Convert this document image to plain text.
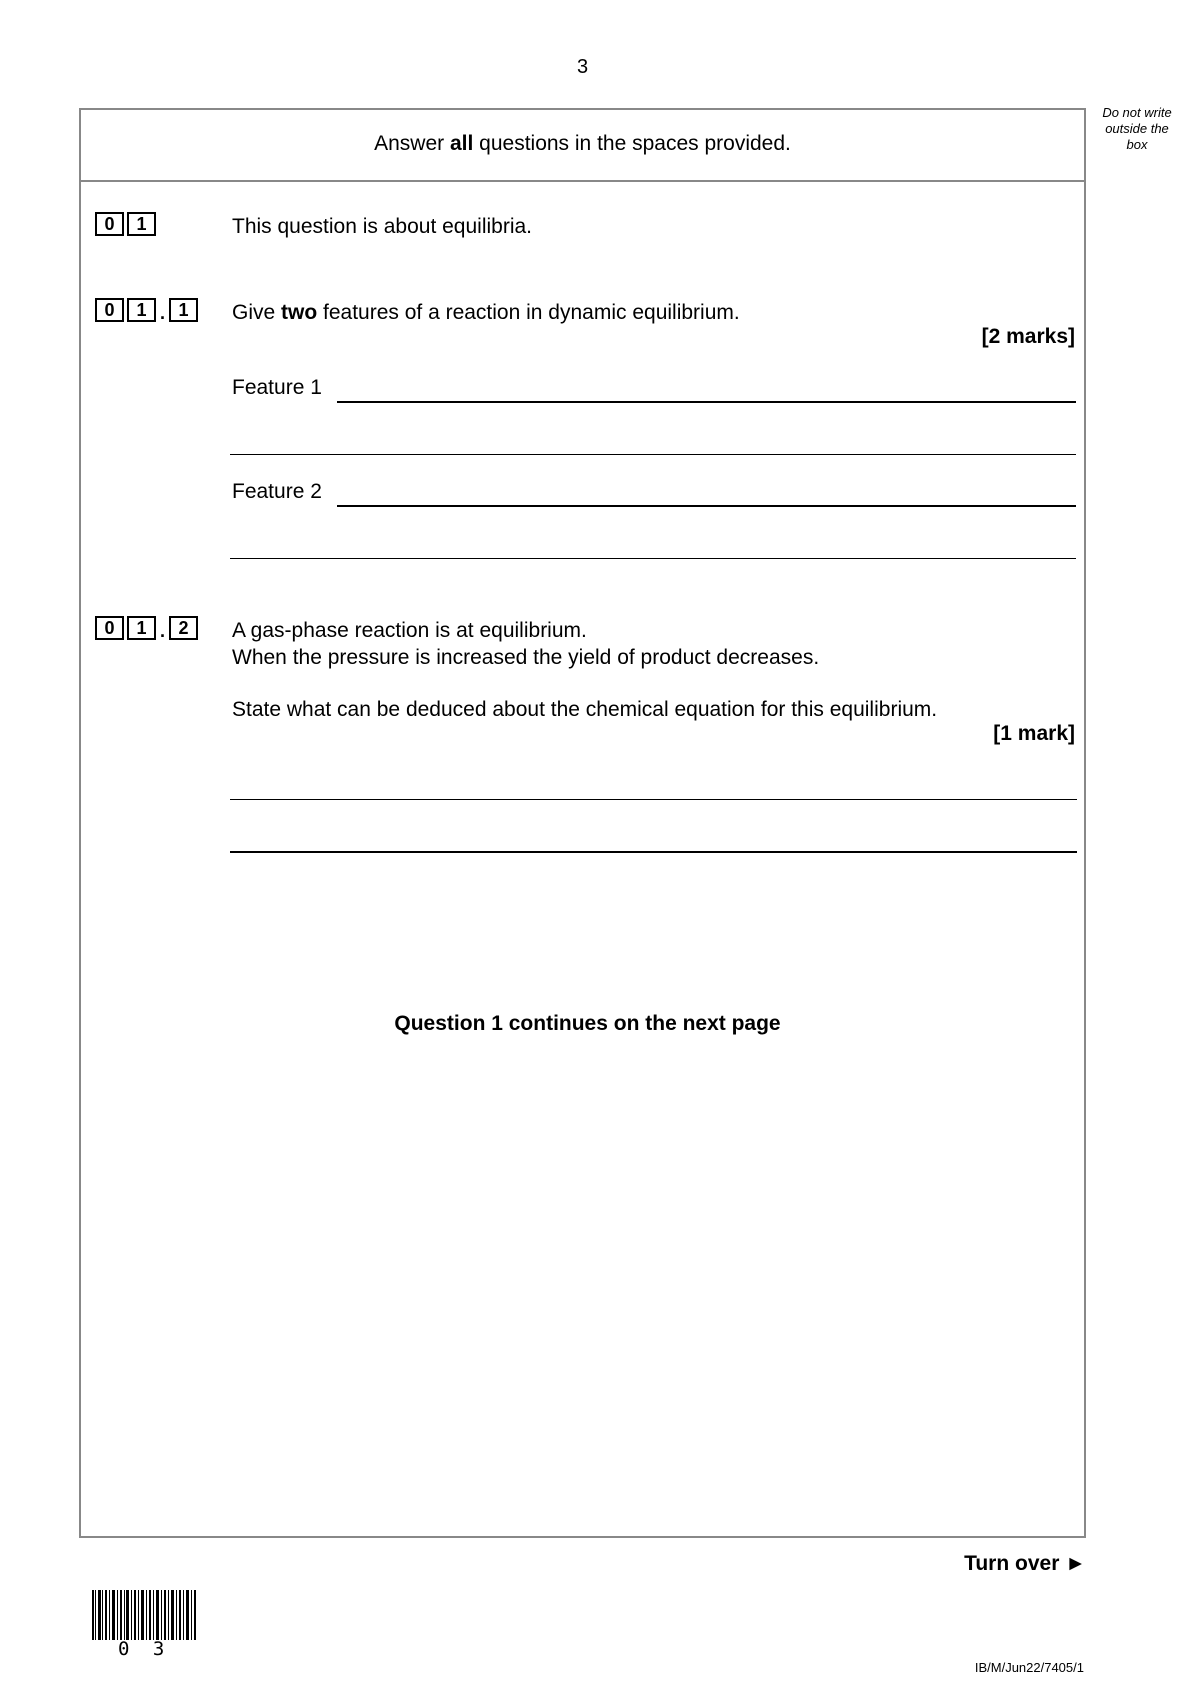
3
Do not write
outside the
box
Answer all questions in the spaces provided.
0	1	This question is about equilibria.
0	1 . 1	Give two features of a reaction in dynamic equilibrium.
[2 marks]
Feature 1
Feature 2
0	1 . 2	A gas-phase reaction is at equilibrium.
When the pressure is increased the yield of product decreases.
State what can be deduced about the chemical equation for this equilibrium.
[1 mark]
Question 1 continues on the next page
Turn over ►
0 3
IB/M/Jun22/7405/1
